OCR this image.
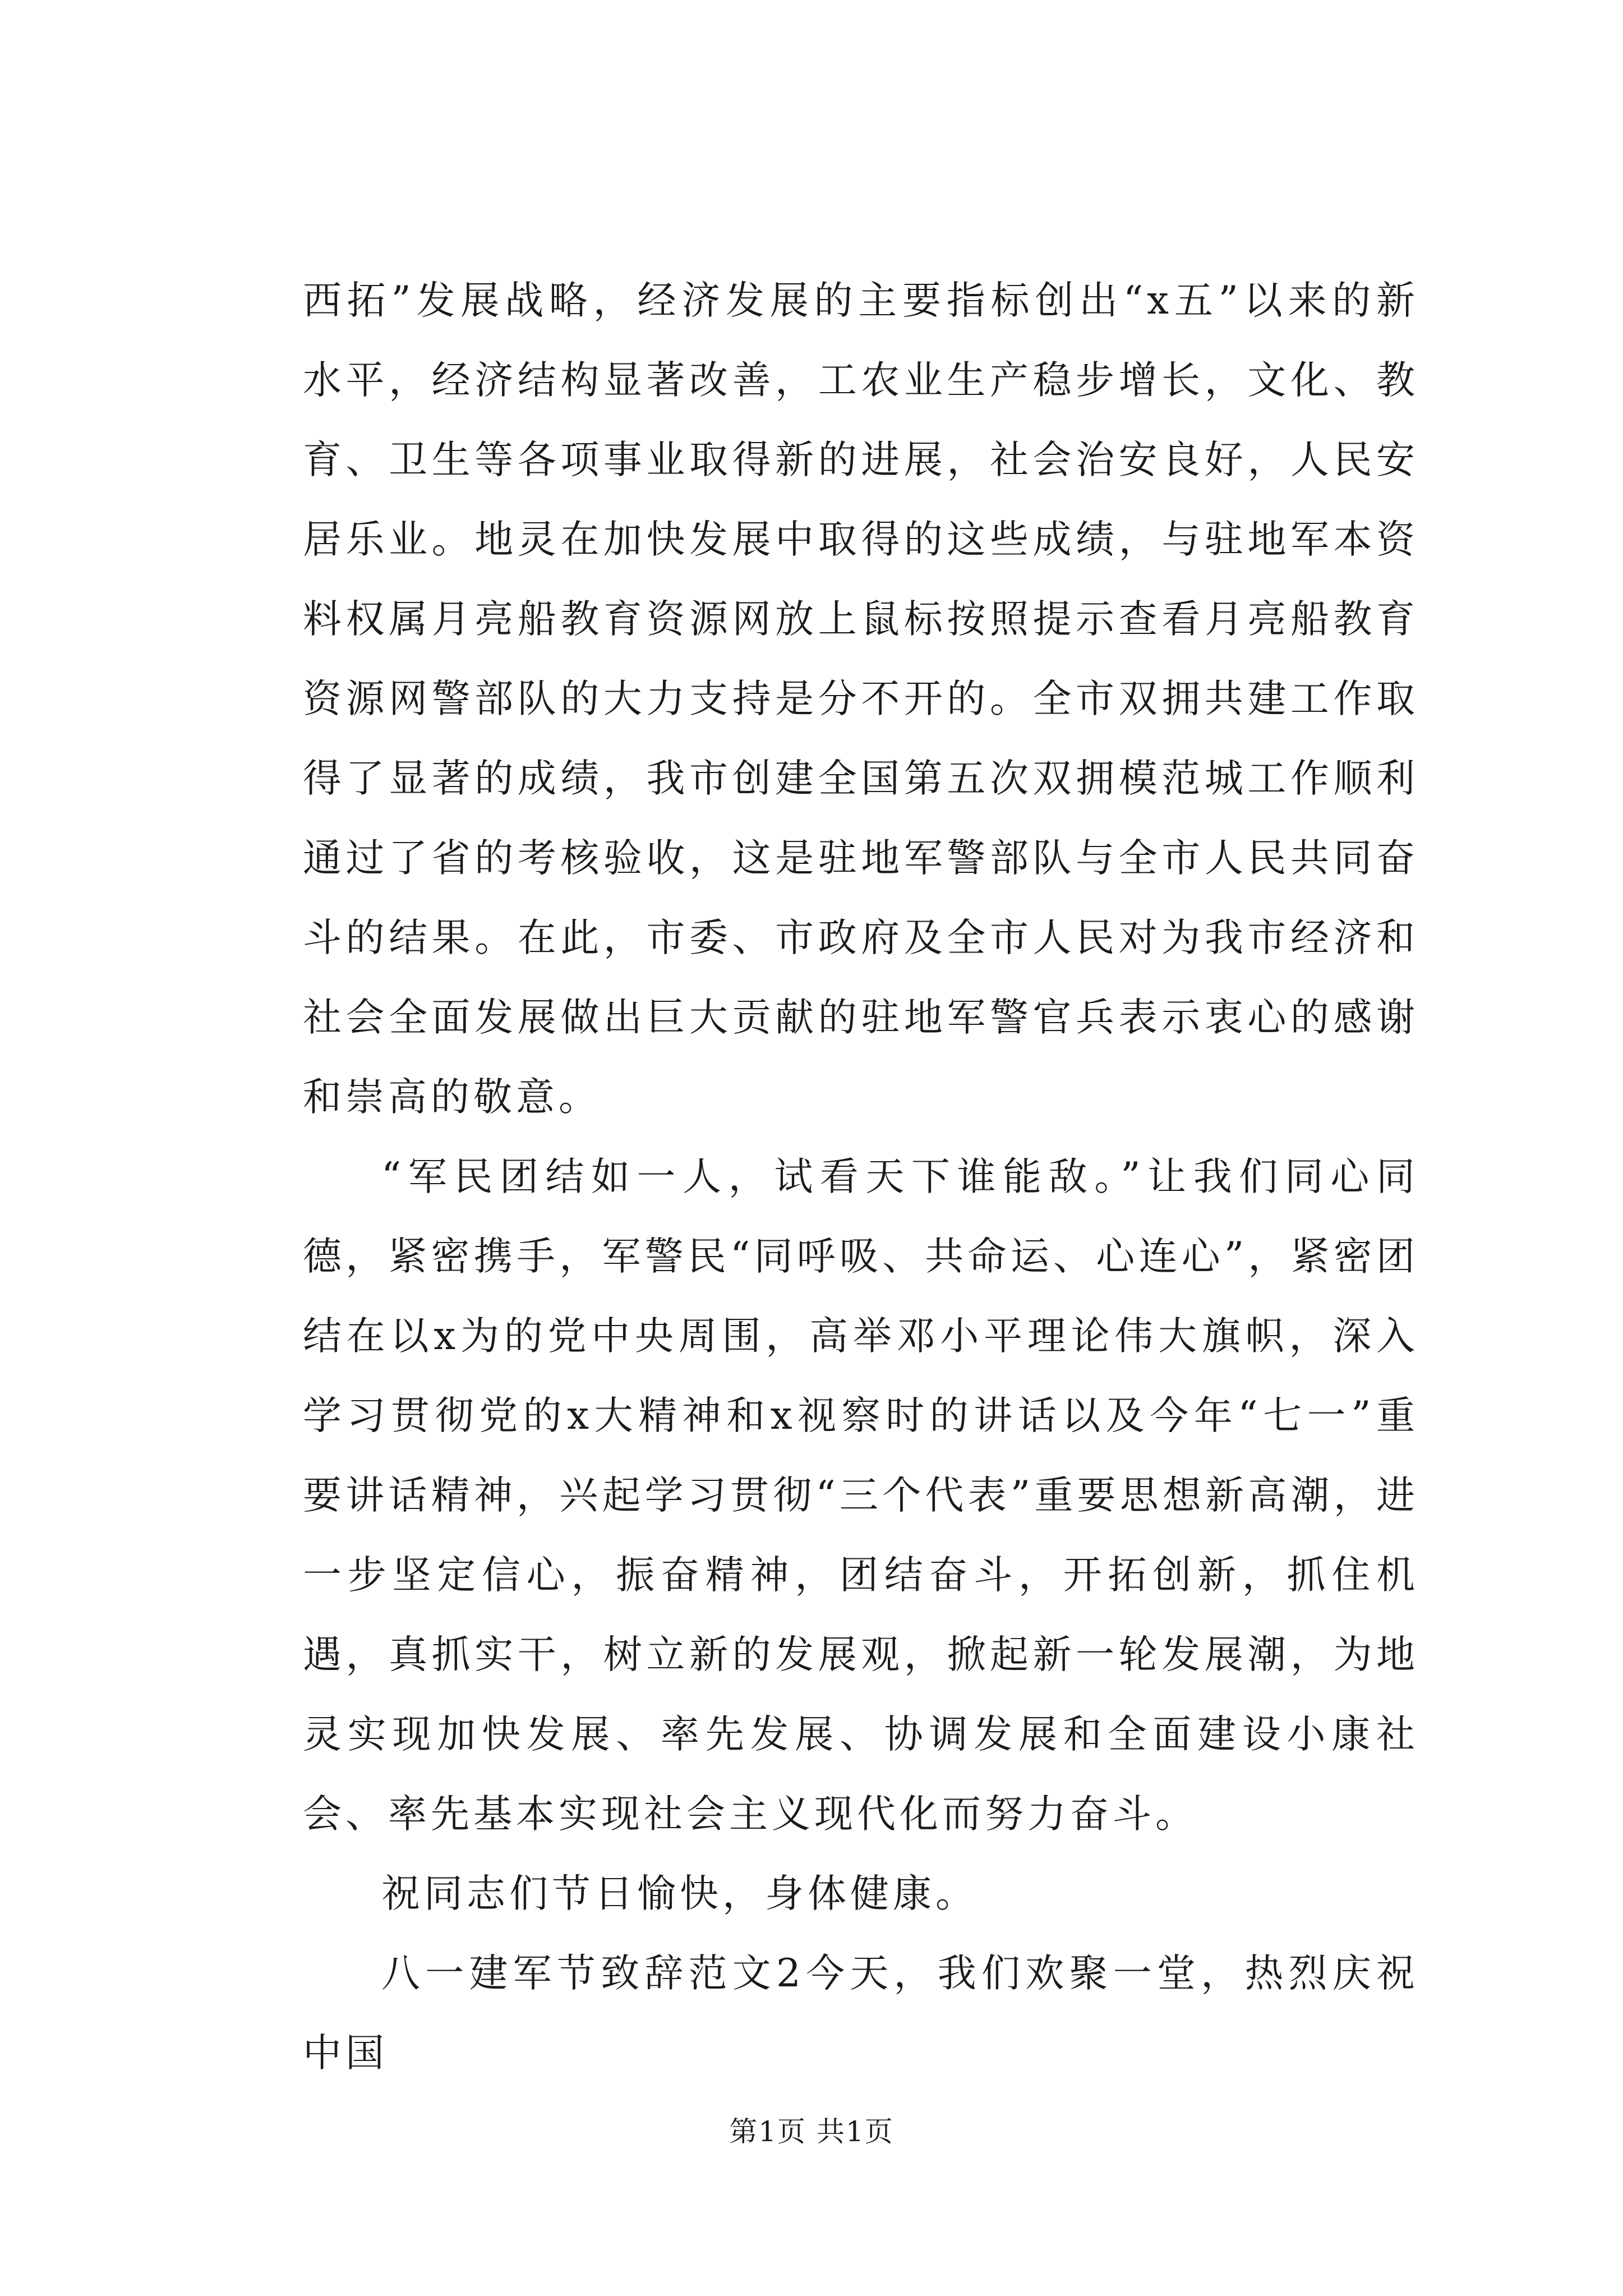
西拓”发展战略，经济发展的主要指标创出“x五”以来的新水平，经济结构显著改善，工农业生产稳步增长，文化、教育、卫生等各项事业取得新的进展，社会治安良好，人民安居乐业。地灵在加快发展中取得的这些成绩，与驻地军本资料权属月亮船教育资源网放上鼠标按照提示查看月亮船教育资源网警部队的大力支持是分不开的。全市双拥共建工作取得了显著的成绩，我市创建全国第五次双拥模范城工作顺利通过了省的考核验收，这是驻地军警部队与全市人民共同奋斗的结果。在此，市委、市政府及全市人民对为我市经济和社会全面发展做出巨大贡献的驻地军警官兵表示衷心的感谢和崇高的敬意。

“军民团结如一人，试看天下谁能敌。”让我们同心同德，紧密携手，军警民“同呼吸、共命运、心连心”，紧密团结在以x为的党中央周围，高举邓小平理论伟大旗帜，深入学习贯彻党的x大精神和x视察时的讲话以及今年“七一”重要讲话精神，兴起学习贯彻“三个代表”重要思想新高潮，进一步坚定信心，振奋精神，团结奋斗，开拓创新，抓住机遇，真抓实干，树立新的发展观，掀起新一轮发展潮，为地灵实现加快发展、率先发展、协调发展和全面建设小康社会、率先基本实现社会主义现代化而努力奋斗。

祝同志们节日愉快，身体健康。

八一建军节致辞范文2今天，我们欢聚一堂，热烈庆祝中国

第1页 共1页
